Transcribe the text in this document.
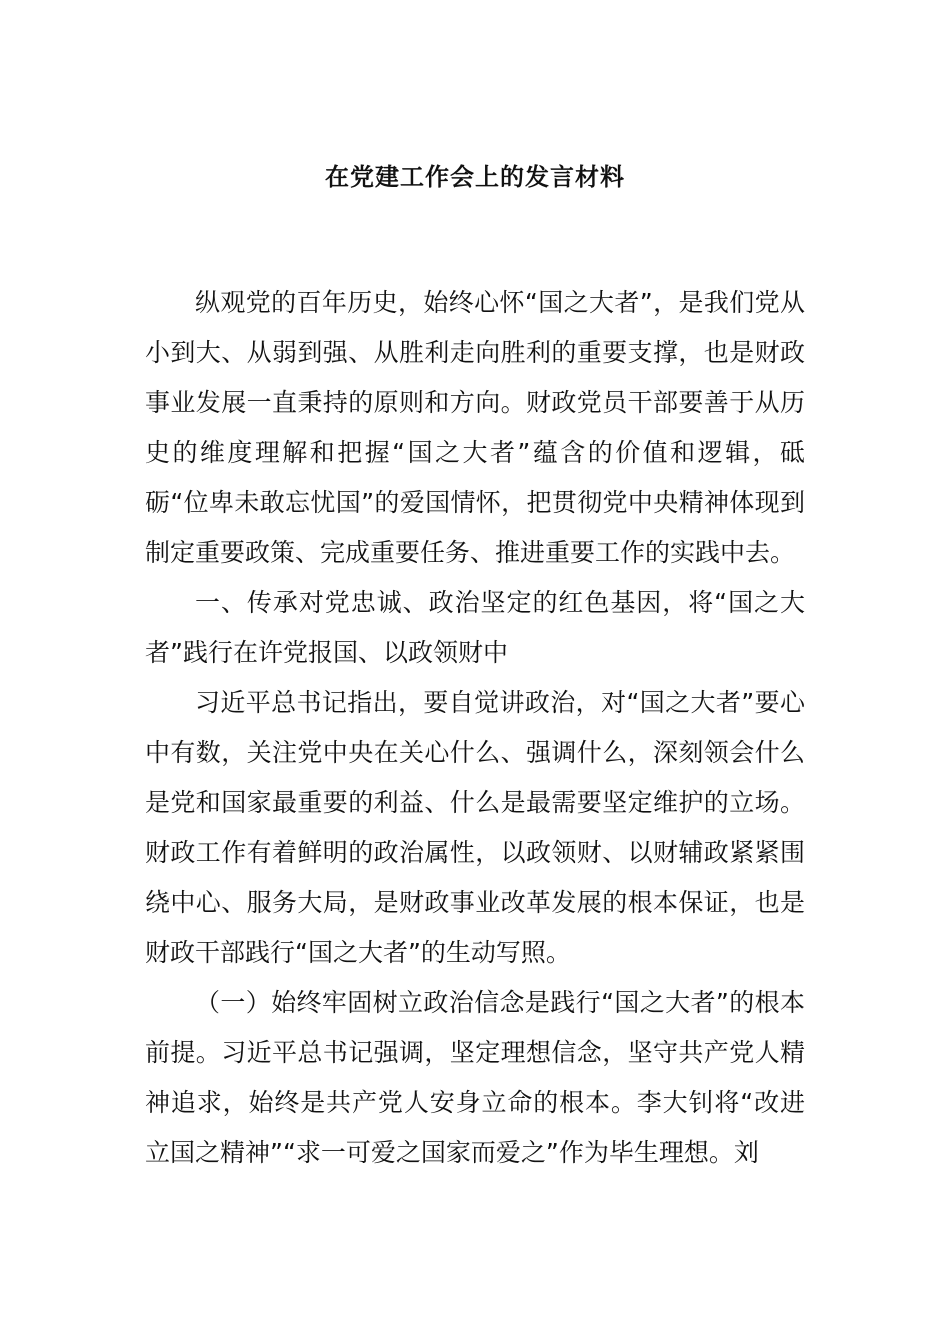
在党建工作会上的发言材料

纵观党的百年历史，始终心怀“国之大者”，是我们党从小到大、从弱到强、从胜利走向胜利的重要支撑，也是财政事业发展一直秉持的原则和方向。财政党员干部要善于从历史的维度理解和把握“国之大者”蕴含的价值和逻辑，砥砺“位卑未敢忘忧国”的爱国情怀，把贯彻党中央精神体现到制定重要政策、完成重要任务、推进重要工作的实践中去。

一、传承对党忠诚、政治坚定的红色基因，将“国之大者”践行在许党报国、以政领财中

习近平总书记指出，要自觉讲政治，对“国之大者”要心中有数，关注党中央在关心什么、强调什么，深刻领会什么是党和国家最重要的利益、什么是最需要坚定维护的立场。财政工作有着鲜明的政治属性，以政领财、以财辅政紧紧围绕中心、服务大局，是财政事业改革发展的根本保证，也是财政干部践行“国之大者”的生动写照。

（一）始终牢固树立政治信念是践行“国之大者”的根本前提。习近平总书记强调，坚定理想信念，坚守共产党人精神追求，始终是共产党人安身立命的根本。李大钊将“改进立国之精神”“求一可爱之国家而爱之”作为毕生理想。刘
